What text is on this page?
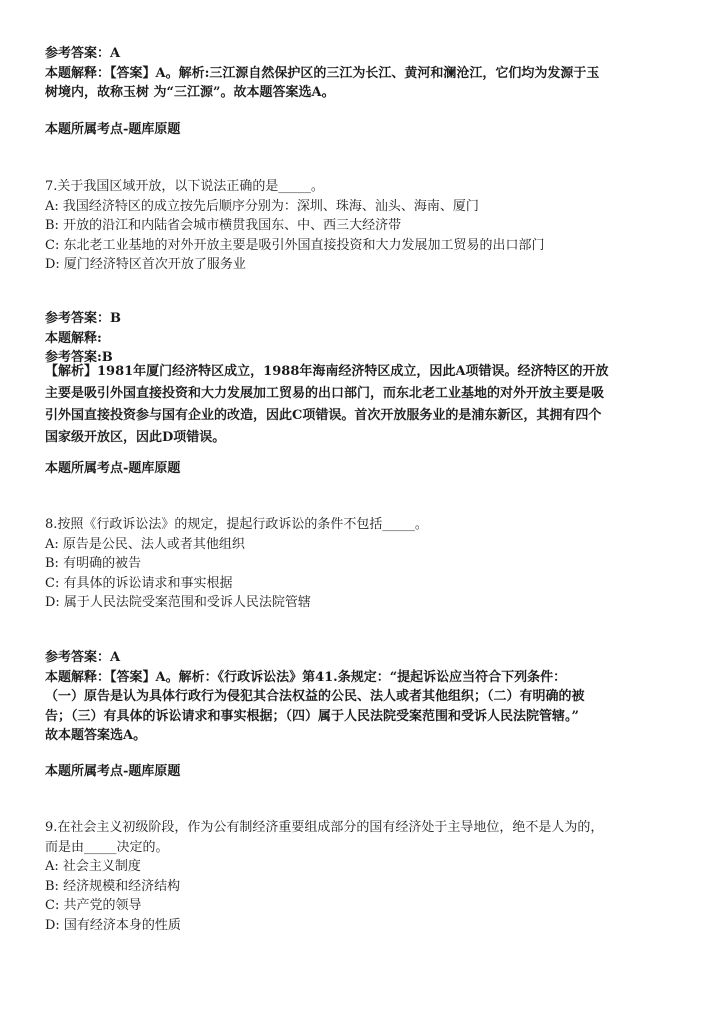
参考答案：A
本题解释：【答案】A。解析:三江源自然保护区的三江为长江、黄河和澜沧江，它们均为发源于玉
树境内，故称玉树 为“三江源”。故本题答案选A。
本题所属考点-题库原题
7.关于我国区域开放，以下说法正确的是_____。
A: 我国经济特区的成立按先后顺序分别为：深圳、珠海、汕头、海南、厦门
B: 开放的沿江和内陆省会城市横贯我国东、中、西三大经济带
C: 东北老工业基地的对外开放主要是吸引外国直接投资和大力发展加工贸易的出口部门
D: 厦门经济特区首次开放了服务业
参考答案：B
本题解释:
参考答案:B
【解析】1981年厦门经济特区成立，1988年海南经济特区成立，因此A项错误。经济特区的开放
主要是吸引外国直接投资和大力发展加工贸易的出口部门，而东北老工业基地的对外开放主要是吸
引外国直接投资参与国有企业的改造，因此C项错误。首次开放服务业的是浦东新区，其拥有四个
国家级开放区，因此D项错误。
本题所属考点-题库原题
8.按照《行政诉讼法》的规定，提起行政诉讼的条件不包括_____。
A: 原告是公民、法人或者其他组织
B: 有明确的被告
C: 有具体的诉讼请求和事实根据
D: 属于人民法院受案范围和受诉人民法院管辖
参考答案：A
本题解释：【答案】A。解析：《行政诉讼法》第41.条规定：“提起诉讼应当符合下列条件：
（一）原告是认为具体行政行为侵犯其合法权益的公民、法人或者其他组织；（二）有明确的被
告；（三）有具体的诉讼请求和事实根据；（四）属于人民法院受案范围和受诉人民法院管辖。”
故本题答案选A。
本题所属考点-题库原题
9.在社会主义初级阶段，作为公有制经济重要组成部分的国有经济处于主导地位，绝不是人为的，
而是由_____决定的。
A: 社会主义制度
B: 经济规模和经济结构
C: 共产党的领导
D: 国有经济本身的性质
